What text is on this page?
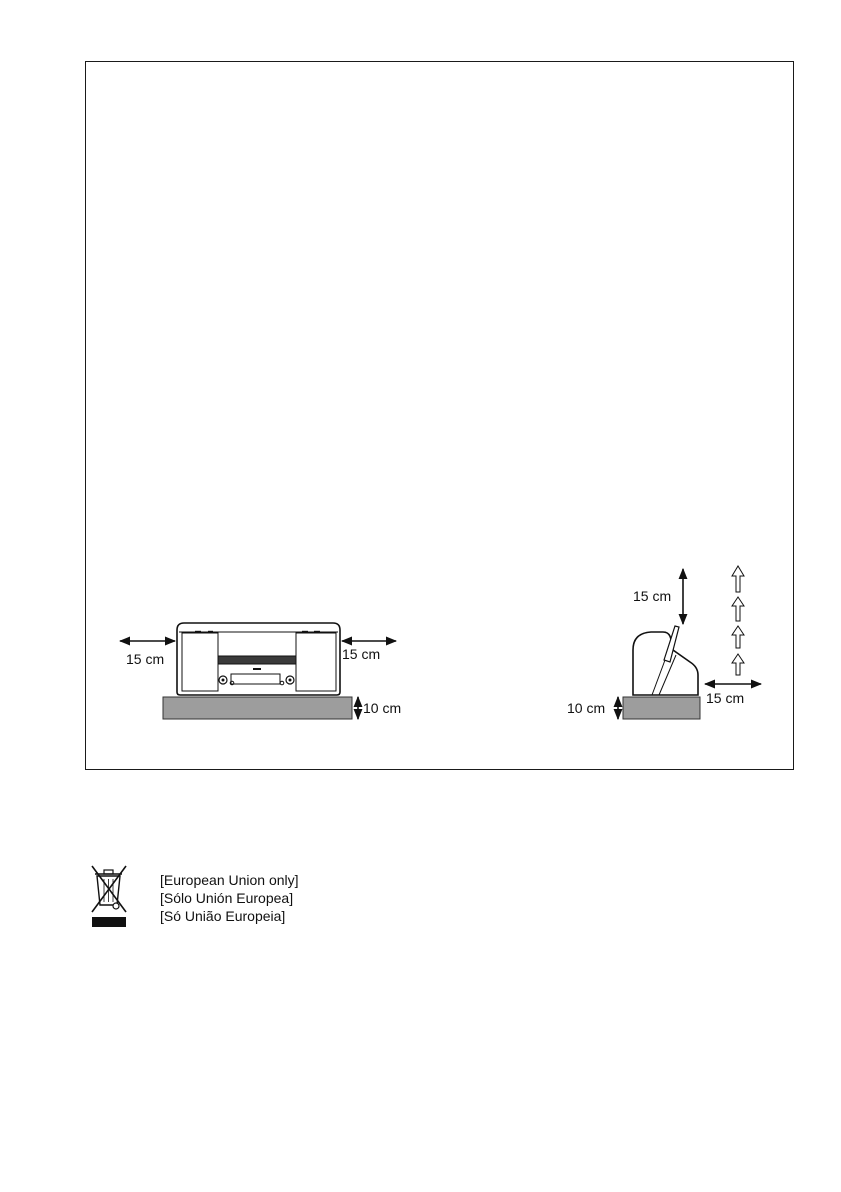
15 cm	15 cm
10 cm
15 cm
10 cm
15 cm
[European Union only]
[Sólo Unión Europea]
[Só União Europeia]
